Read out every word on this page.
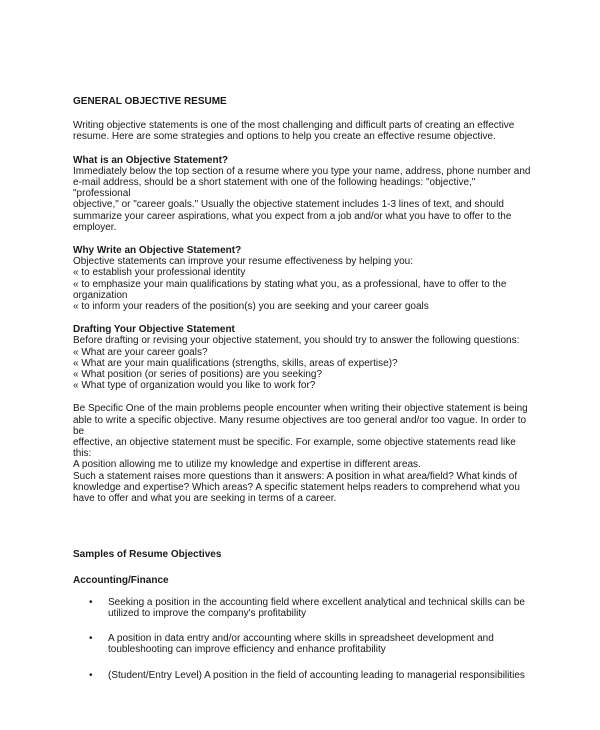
GENERAL OBJECTIVE RESUME

Writing objective statements is one of the most challenging and difficult parts of creating an effective

resume. Here are some strategies and options to help you create an effective resume objective.

What is an Objective Statement?

Immediately below the top section of a resume where you type your name, address, phone number and

e-mail address, should be a short statement with one of the following headings: "objective," "professional

objective," or "career goals." Usually the objective statement includes 1-3 lines of text, and should

summarize your career aspirations, what you expect from a job and/or what you have to offer to the

employer.

Why Write an Objective Statement?

Objective statements can improve your resume effectiveness by helping you:

« to establish your professional identity

« to emphasize your main qualifications by stating what you, as a professional, have to offer to the

organization

« to inform your readers of the position(s) you are seeking and your career goals

Drafting Your Objective Statement

Before drafting or revising your objective statement, you should try to answer the following questions:

« What are your career goals?

« What are your main qualifications (strengths, skills, areas of expertise)?

« What position (or series of positions) are you seeking?

« What type of organization would you like to work for?

Be Specific One of the main problems people encounter when writing their objective statement is being

able to write a specific objective. Many resume objectives are too general and/or too vague. In order to be

effective, an objective statement must be specific. For example, some objective statements read like this:

A position allowing me to utilize my knowledge and expertise in different areas.

Such a statement raises more questions than it answers: A position in what area/field? What kinds of

knowledge and expertise? Which areas? A specific statement helps readers to comprehend what you

have to offer and what you are seeking in terms of a career.

Samples of Resume Objectives

Accounting/Finance

• Seeking a position in the accounting field where excellent analytical and technical skills can be

utilized to improve the company's profitability

• A position in data entry and/or accounting where skills in spreadsheet development and

toubleshooting can improve efficiency and enhance profitability

• (Student/Entry Level) A position in the field of accounting leading to managerial responsibilities
